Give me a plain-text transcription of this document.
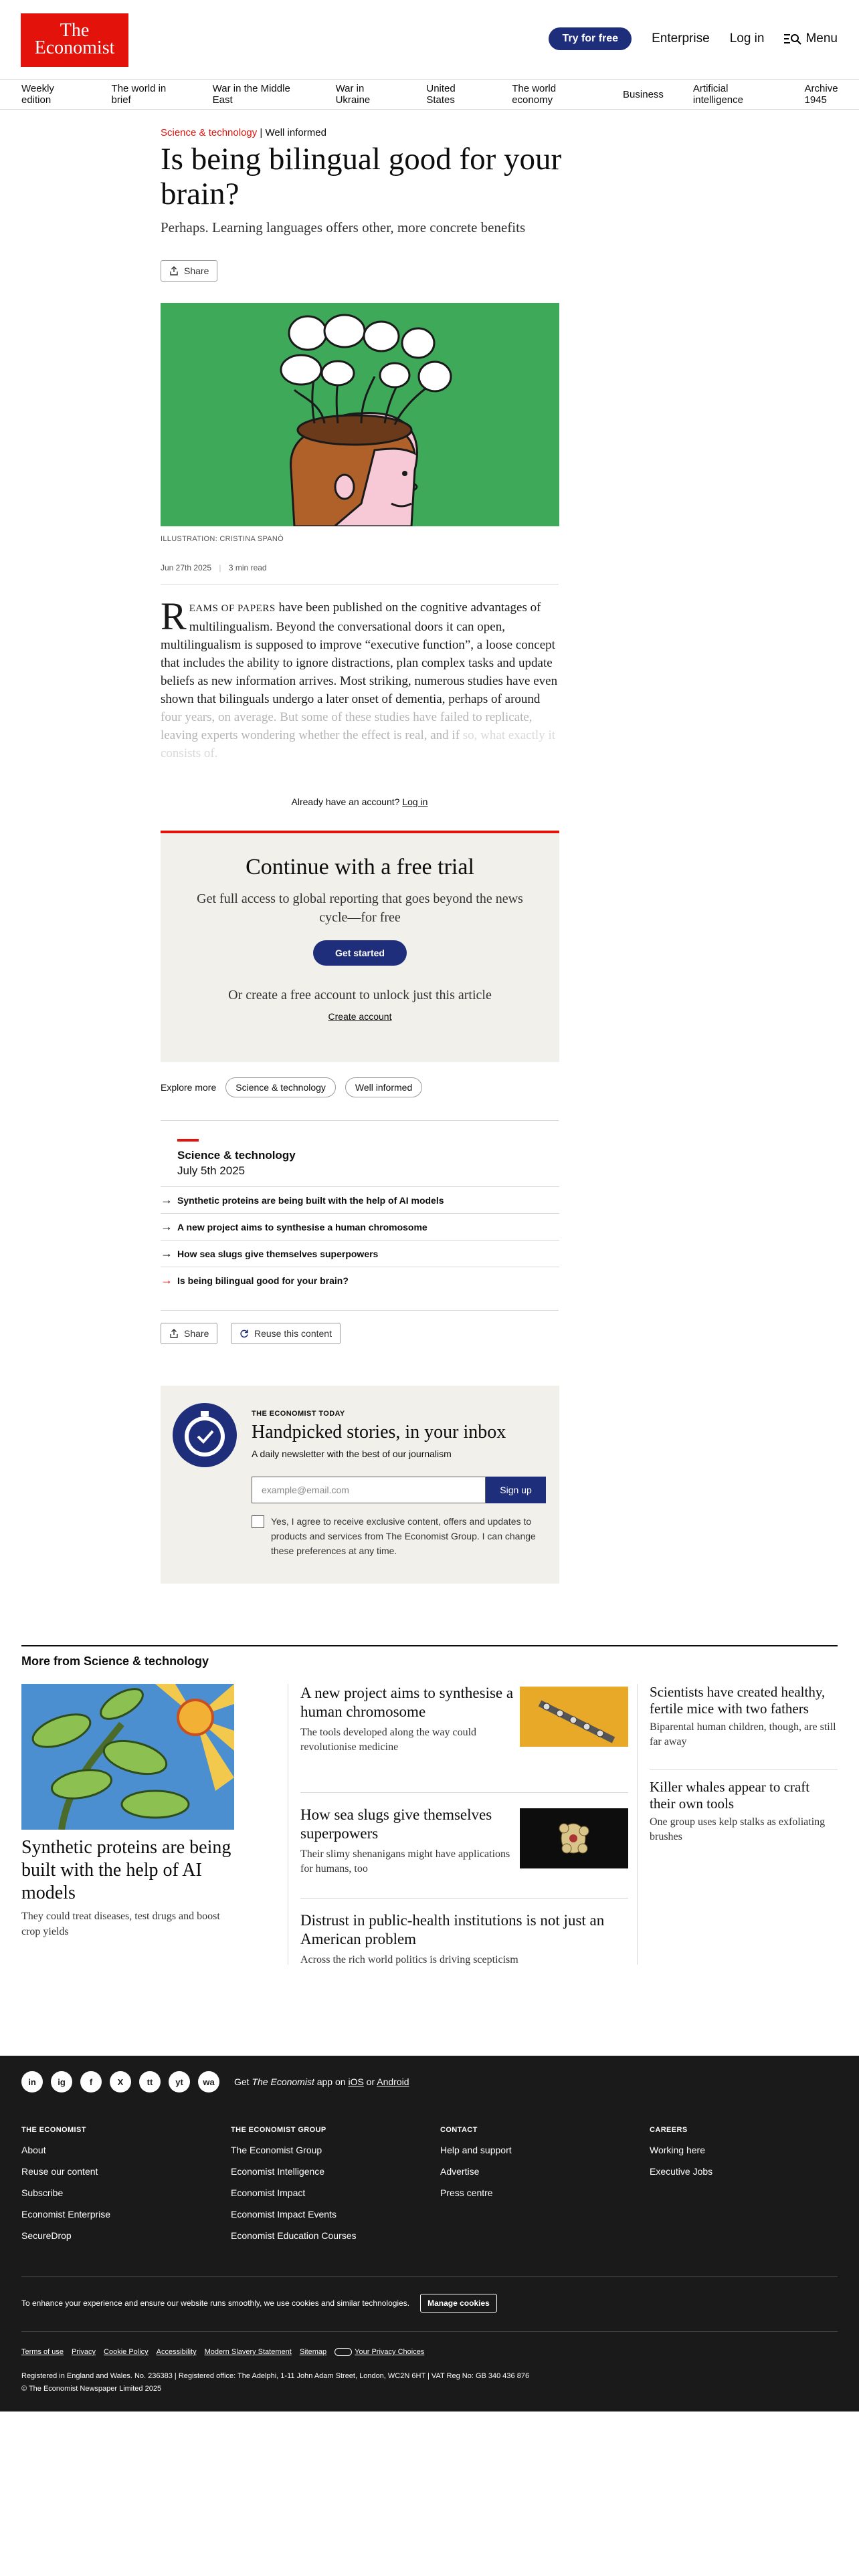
The
Economist	Try for free	Enterprise Log in	Menu
Weekly edition
The world in brief
War in the Middle East
War in Ukraine
United States
The world economy	Business	Artificial intelligence
Archive 1945
Science & technology | Well informed
Is being bilingual good for your brain?
Perhaps. Learning languages offers other, more concrete benefits
Share
ILLUSTRATION: CRISTINA SPANÒ
Jun 27th 2025 | 3 min read
REAMS OF PAPERS have been published on the cognitive advantages of multilingualism. Beyond the conversational doors it can open, multilingualism is supposed to improve “executive function”, a loose concept that includes the ability to ignore distractions, plan complex tasks and update beliefs as new information arrives. Most striking, numerous studies have even shown that bilinguals undergo a later onset of dementia, perhaps of around four years, on average. But some of these studies have failed to replicate, leaving experts wondering whether the effect is real, and if so, what exactly it consists of.
Already have an account? Log in
Continue with a free trial

Get full access to global reporting that goes beyond the news cycle—for free

Get started

Or create a free account to unlock just this article

Create account
Explore more	Science & technology	Well informed
Science & technology
July 5th 2025
→ Synthetic proteins are being built with the help of AI models
→ A new project aims to synthesise a human chromosome
→ How sea slugs give themselves superpowers
→ Is being bilingual good for your brain?
Share	Reuse this content
THE ECONOMIST TODAY
Handpicked stories, in your inbox
A daily newsletter with the best of our journalism
example@email.com	Sign up
Yes, I agree to receive exclusive content, offers and updates to products and services from The Economist Group. I can change these preferences at any time.
More from Science & technology
Synthetic proteins are being built with the help of AI models

They could treat diseases, test drugs and boost crop yields

A new project aims to synthesise a human chromosome

The tools developed along the way could revolutionise medicine

How sea slugs give themselves superpowers

Their slimy shenanigans might have applications for humans, too

Distrust in public-health institutions is not just an American problem

Across the rich world politics is driving scepticism

Scientists have created healthy, fertile mice with two fathers

Biparental human children, though, are still far away

Killer whales appear to craft their own tools

One group uses kelp stalks as exfoliating brushes

in	ig	f	X	tt	yt	wa	Get The Economist app on iOS or Android
THE ECONOMIST
About
Reuse our content
Subscribe
Economist Enterprise
SecureDrop
THE ECONOMIST GROUP
The Economist Group
Economist Intelligence
Economist Impact
Economist Impact Events
Economist Education Courses
CONTACT
Help and support
Advertise
Press centre
CAREERS
Working here
Executive Jobs
To enhance your experience and ensure our website runs smoothly, we use cookies and similar technologies.	Manage cookies
Terms of use Privacy Cookie Policy Accessibility Modern Slavery Statement Sitemap	Your Privacy Choices
Registered in England and Wales. No. 236383 | Registered office: The Adelphi, 1-11 John Adam Street, London, WC2N 6HT | VAT Reg No: GB 340 436 876
© The Economist Newspaper Limited 2025
